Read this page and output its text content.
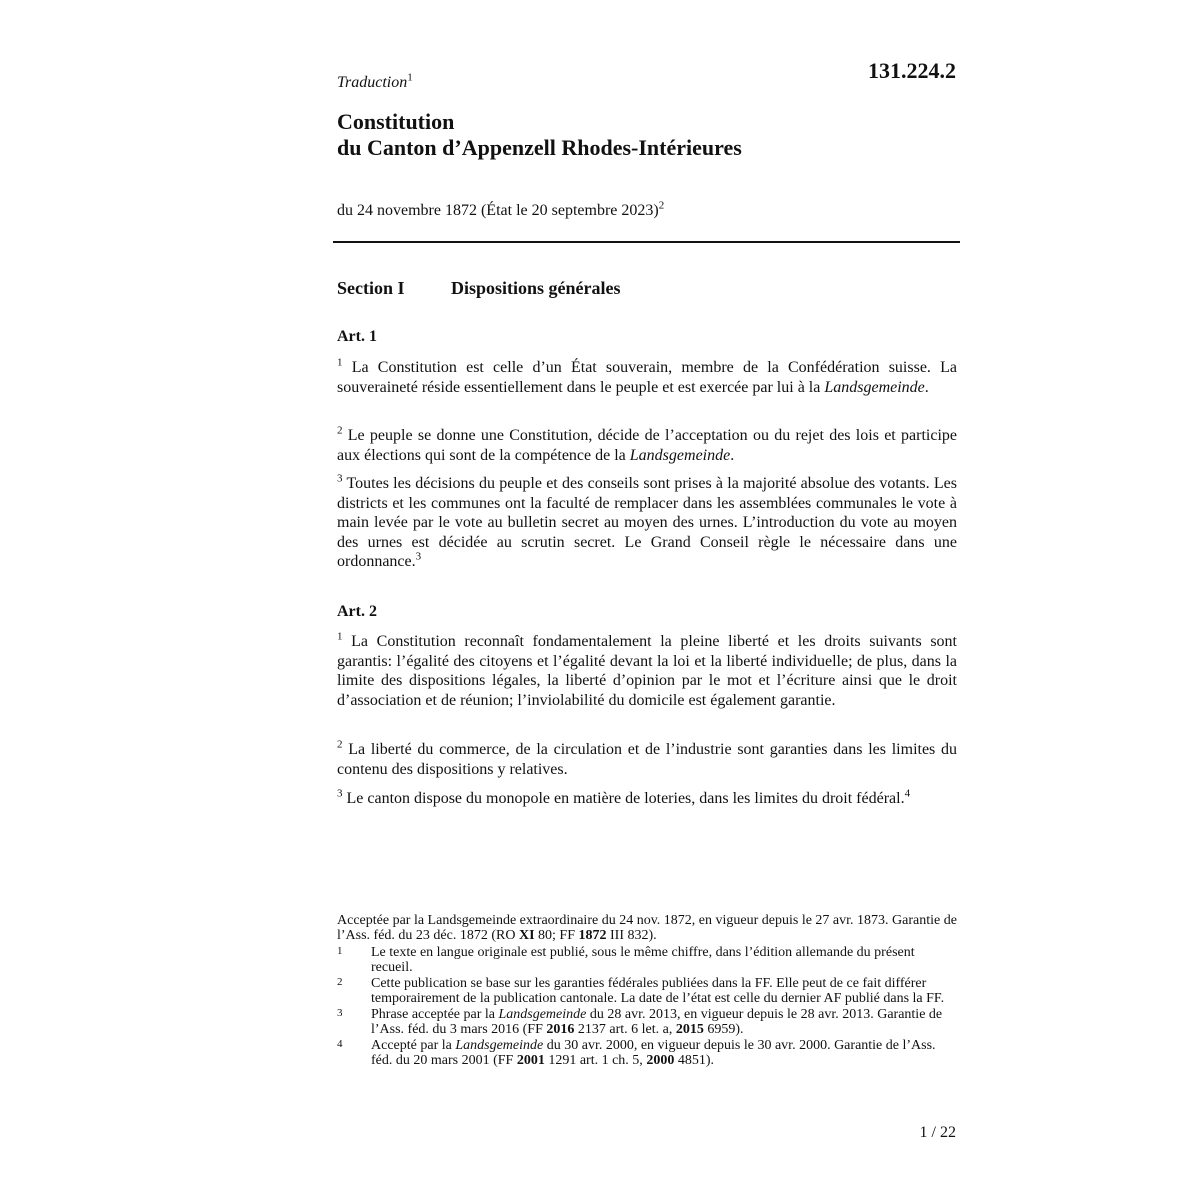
131.224.2
Traduction$^1$
Constitution
du Canton d’Appenzell Rhodes-Intérieures
du 24 novembre 1872 (État le 20 septembre 2023)$^2$
Section I	Dispositions générales
Art. 1
$^1$ La Constitution est celle d’un État souverain, membre de la Confédération suisse. La souveraineté réside essentiellement dans le peuple et est exercée par lui à la Landsgemeinde.
$^2$ Le peuple se donne une Constitution, décide de l’acceptation ou du rejet des lois et participe aux élections qui sont de la compétence de la Landsgemeinde.
$^3$ Toutes les décisions du peuple et des conseils sont prises à la majorité absolue des votants. Les districts et les communes ont la faculté de remplacer dans les assemblées communales le vote à main levée par le vote au bulletin secret au moyen des urnes. L’introduction du vote au moyen des urnes est décidée au scrutin secret. Le Grand Conseil règle le nécessaire dans une ordonnance.$^3$
Art. 2
$^1$ La Constitution reconnaît fondamentalement la pleine liberté et les droits suivants sont garantis: l’égalité des citoyens et l’égalité devant la loi et la liberté individuelle; de plus, dans la limite des dispositions légales, la liberté d’opinion par le mot et l’écriture ainsi que le droit d’association et de réunion; l’inviolabilité du domicile est également garantie.
$^2$ La liberté du commerce, de la circulation et de l’industrie sont garanties dans les limites du contenu des dispositions y relatives.
$^3$ Le canton dispose du monopole en matière de loteries, dans les limites du droit fédéral.$^4$
Acceptée par la Landsgemeinde extraordinaire du 24 nov. 1872, en vigueur depuis le 27 avr. 1873. Garantie de l’Ass. féd. du 23 déc. 1872 (RO XI 80; FF 1872 III 832).
1 Le texte en langue originale est publié, sous le même chiffre, dans l’édition allemande du présent recueil.
2 Cette publication se base sur les garanties fédérales publiées dans la FF. Elle peut de ce fait différer temporairement de la publication cantonale. La date de l’état est celle du dernier AF publié dans la FF.
3 Phrase acceptée par la Landsgemeinde du 28 avr. 2013, en vigueur depuis le 28 avr. 2013. Garantie de l’Ass. féd. du 3 mars 2016 (FF 2016 2137 art. 6 let. a, 2015 6959).
4 Accepté par la Landsgemeinde du 30 avr. 2000, en vigueur depuis le 30 avr. 2000. Garantie de l’Ass. féd. du 20 mars 2001 (FF 2001 1291 art. 1 ch. 5, 2000 4851).
1 / 22
